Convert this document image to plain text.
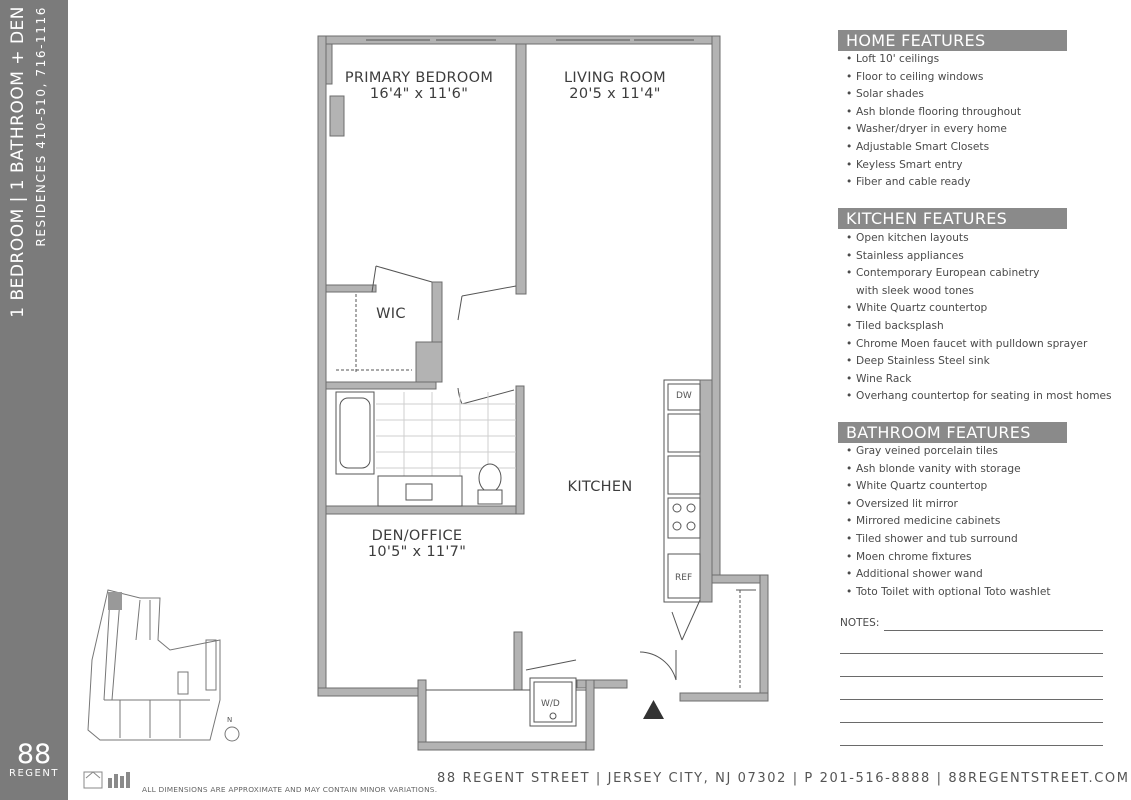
1 BEDROOM | 1 BATHROOM + DEN RESIDENCES 410-510, 716-1116
88
REGENT
PRIMARY BEDROOM
16'4" x 11'6"
LIVING ROOM
20'5 x 11'4"
WIC
KITCHEN
DEN/OFFICE
10'5" x 11'7"
DW
REF
W/D
N
HOME FEATURES
• Loft 10' ceilings
• Floor to ceiling windows
• Solar shades
• Ash blonde flooring throughout
• Washer/dryer in every home
• Adjustable Smart Closets
• Keyless Smart entry
• Fiber and cable ready
KITCHEN FEATURES
• Open kitchen layouts
• Stainless appliances
• Contemporary European cabinetry
with sleek wood tones
• White Quartz countertop
• Tiled backsplash
• Chrome Moen faucet with pulldown sprayer
• Deep Stainless Steel sink
• Wine Rack
• Overhang countertop for seating in most homes
BATHROOM FEATURES
• Gray veined porcelain tiles
• Ash blonde vanity with storage
• White Quartz countertop
• Oversized lit mirror
• Mirrored medicine cabinets
• Tiled shower and tub surround
• Moen chrome fixtures
• Additional shower wand
• Toto Toilet with optional Toto washlet
NOTES:
88 REGENT STREET | JERSEY CITY, NJ 07302 | P 201-516-8888 | 88REGENTSTREET.COM
ALL DIMENSIONS ARE APPROXIMATE AND MAY CONTAIN MINOR VARIATIONS.
